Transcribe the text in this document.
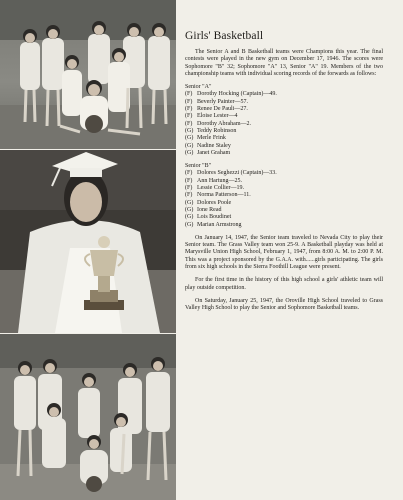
Girls' Basketball

The Senior A and B Basketball teams were Champions this year. The final contests were played in the new gym on December 17, 1946. The scores were Sophomore "B" 32; Sophomore "A" 13, Senior "A" 19. Members of the two championship teams with individual scoring records of the forwards as follows:

Senior "A"

(F) Dorothy Hocking (Captain)—49.
(F) Beverly Painter—57.
(F) Renee De Pauli—27.
(F) Eloise Lester—4
(F) Dorothy Abraham—2.
(G) Teddy Robinson
(G) Merle Frink
(G) Nadine Staley
(G) Janet Graham

Senior "B"

(F) Dolores Seghezzi (Captain)—33.
(F) Ann Hartung—25.
(F) Lessie Collier—19.
(F) Norma Patterson—11.
(G) Dolores Poole
(G) Ione Read
(G) Lois Boudinet
(G) Marian Armstrong

On January 14, 1947, the Senior team traveled to Nevada City to play their Senior team. The Grass Valley team won 25-9. A Basketball playday was held at Marysville Union High School, February 1, 1947, from 8:00 A. M. to 2:00 P. M. This was a project sponsored by the G.A.A. with......girls participating. The girls from six high schools in the Sierra Foothill League were present.

For the first time in the history of this high school a girls' athletic team will play outside competition.

On Saturday, January 25, 1947, the Oroville High School traveled to Grass Valley High School to play the Senior and Sophomore Basketball teams.
